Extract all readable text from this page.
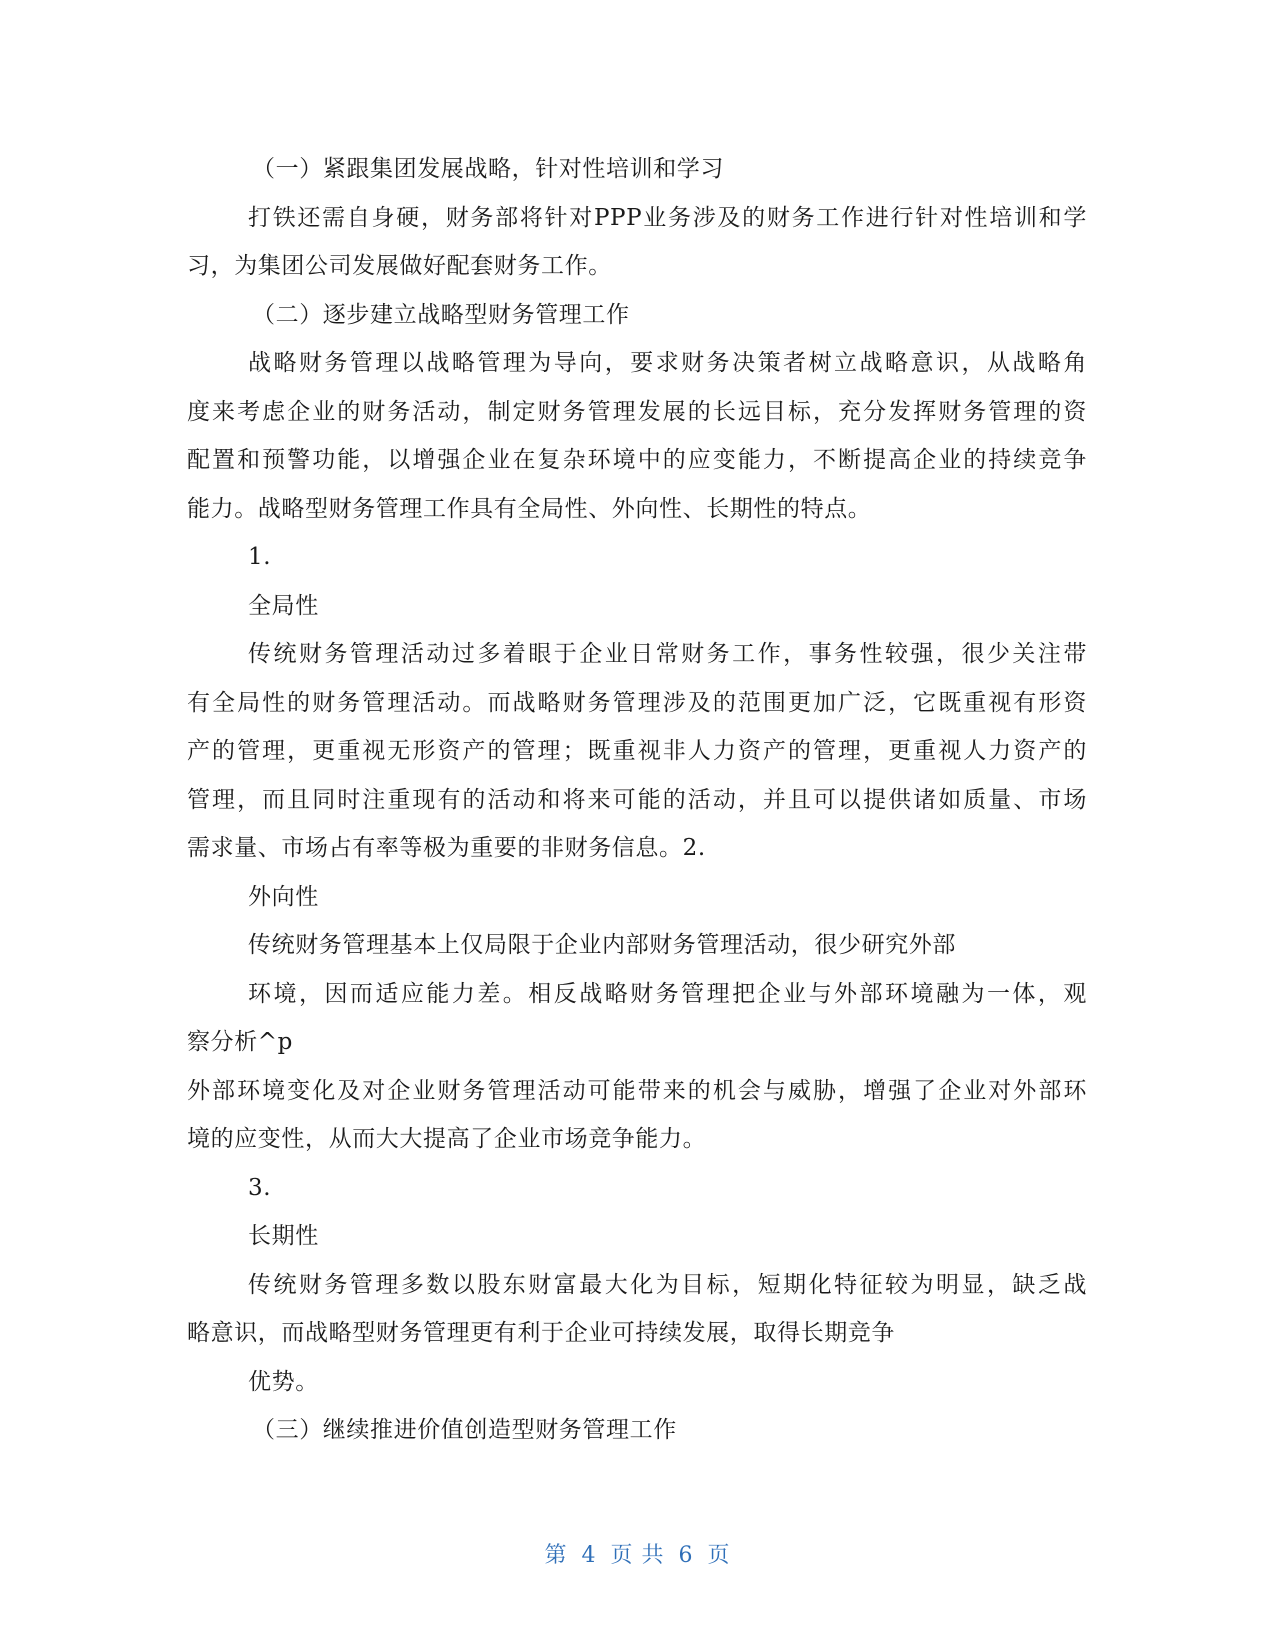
（一）紧跟集团发展战略，针对性培训和学习
打铁还需自身硬，财务部将针对PPP业务涉及的财务工作进行针对性培训和学
习，为集团公司发展做好配套财务工作。
（二）逐步建立战略型财务管理工作
战略财务管理以战略管理为导向，要求财务决策者树立战略意识，从战略角
度来考虑企业的财务活动，制定财务管理发展的长远目标，充分发挥财务管理的资
配置和预警功能，以增强企业在复杂环境中的应变能力，不断提高企业的持续竞争
能力。战略型财务管理工作具有全局性、外向性、长期性的特点。
1.
全局性
传统财务管理活动过多着眼于企业日常财务工作，事务性较强，很少关注带
有全局性的财务管理活动。而战略财务管理涉及的范围更加广泛，它既重视有形资
产的管理，更重视无形资产的管理；既重视非人力资产的管理，更重视人力资产的
管理，而且同时注重现有的活动和将来可能的活动，并且可以提供诸如质量、市场
需求量、市场占有率等极为重要的非财务信息。2.
外向性
传统财务管理基本上仅局限于企业内部财务管理活动，很少研究外部
环境，因而适应能力差。相反战略财务管理把企业与外部环境融为一体，观
察分析^p
外部环境变化及对企业财务管理活动可能带来的机会与威胁，增强了企业对外部环
境的应变性，从而大大提高了企业市场竞争能力。
3.
长期性
传统财务管理多数以股东财富最大化为目标，短期化特征较为明显，缺乏战
略意识，而战略型财务管理更有利于企业可持续发展，取得长期竞争
优势。
（三）继续推进价值创造型财务管理工作
第 4 页 共 6 页
